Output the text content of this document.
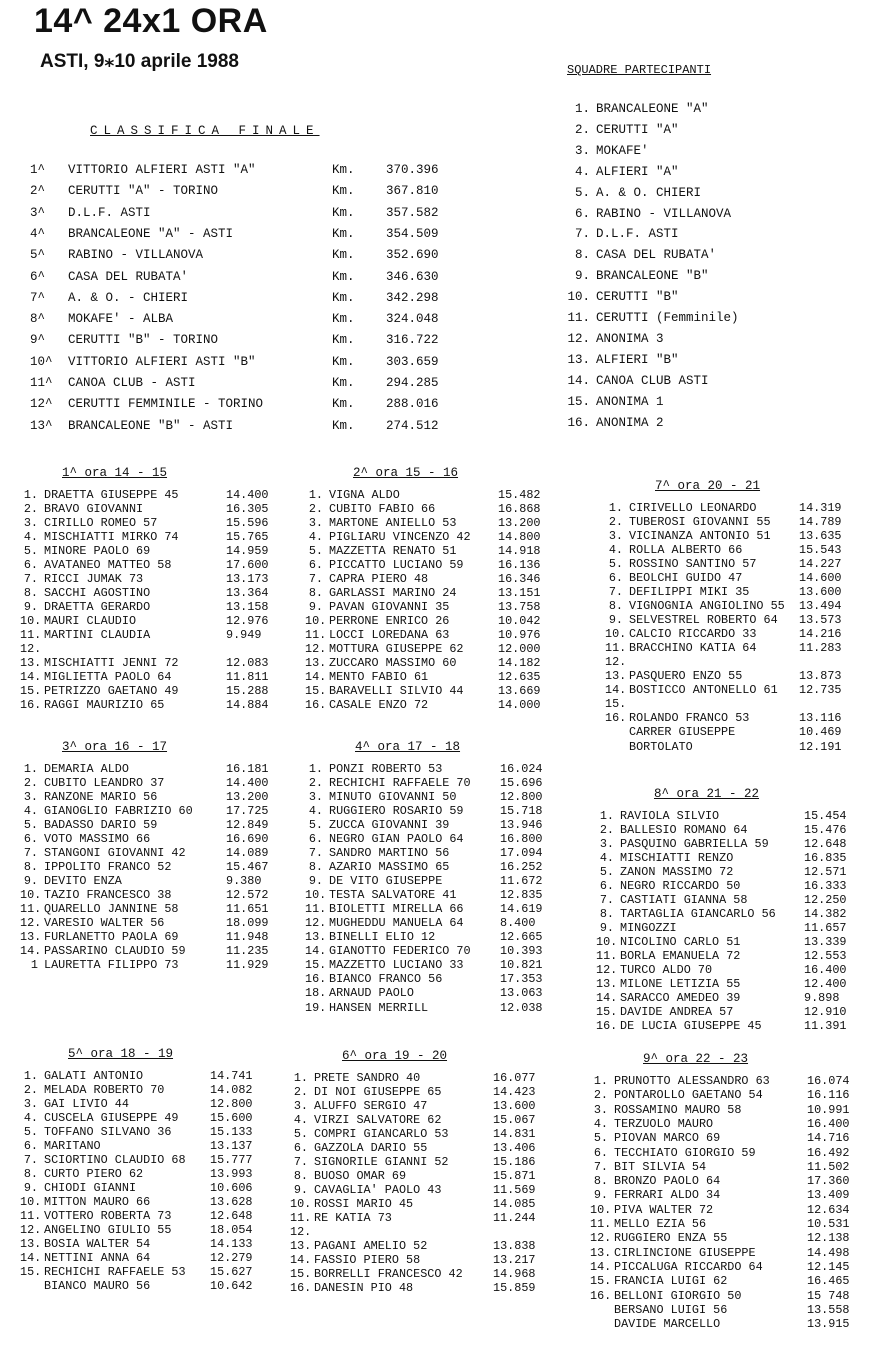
14^ 24x1 ORA
ASTI, 9⁎10 aprile 1988
CLASSIFICA FINALE
1^ VITTORIO ALFIERI ASTI "A"	Km.	370.396
2^ CERUTTI "A" - TORINO	Km.	367.810
3^ D.L.F. ASTI	Km.	357.582
4^ BRANCALEONE "A" - ASTI	Km.	354.509
5^ RABINO - VILLANOVA	Km.	352.690
6^ CASA DEL RUBATA'	Km.	346.630
7^ A. & O. - CHIERI	Km.	342.298
8^ MOKAFE' - ALBA	Km.	324.048
9^ CERUTTI "B" - TORINO	Km.	316.722
10^ VITTORIO ALFIERI ASTI "B"	Km.	303.659
11^ CANOA CLUB - ASTI	Km.	294.285
12^ CERUTTI FEMMINILE - TORINO	Km.	288.016
13^ BRANCALEONE "B" - ASTI	Km.	274.512
SQUADRE PARTECIPANTI
1. BRANCALEONE "A"
2. CERUTTI "A"
3. MOKAFE'
4. ALFIERI "A"
5. A. & O. CHIERI
6. RABINO - VILLANOVA
7. D.L.F. ASTI
8. CASA DEL RUBATA'
9. BRANCALEONE "B"
10. CERUTTI "B"
11. CERUTTI (Femminile)
12. ANONIMA 3
13. ALFIERI "B"
14. CANOA CLUB ASTI
15. ANONIMA 1
16. ANONIMA 2
1^ ora 14 - 15
1. DRAETTA GIUSEPPE 45	14.400
2. BRAVO GIOVANNI	16.305
3. CIRILLO ROMEO 57	15.596
4. MISCHIATTI MIRKO 74	15.765
5. MINORE PAOLO 69	14.959
6. AVATANEO MATTEO 58	17.600
7. RICCI JUMAK 73	13.173
8. SACCHI AGOSTINO	13.364
9. DRAETTA GERARDO	13.158
10. MAURI CLAUDIO	12.976
11. MARTINI CLAUDIA	9.949
12.
13. MISCHIATTI JENNI 72	12.083
14. MIGLIETTA PAOLO 64	11.811
15. PETRIZZO GAETANO 49	15.288
16. RAGGI MAURIZIO 65	14.884
2^ ora 15 - 16
1. VIGNA ALDO	15.482
2. CUBITO FABIO 66	16.868
3. MARTONE ANIELLO 53	13.200
4. PIGLIARU VINCENZO 42 14.800
5. MAZZETTA RENATO 51	14.918
6. PICCATTO LUCIANO 59	16.136
7. CAPRA PIERO 48	16.346
8. GARLASSI MARINO 24	13.151
9. PAVAN GIOVANNI 35	13.758
10. PERRONE ENRICO 26	10.042
11. LOCCI LOREDANA 63	10.976
12. MOTTURA GIUSEPPE 62	12.000
13. ZUCCARO MASSIMO 60	14.182
14. MENTO FABIO 61	12.635
15. BARAVELLI SILVIO 44	13.669
16. CASALE ENZO 72	14.000
3^ ora 16 - 17
1. DEMARIA ALDO	16.181
2. CUBITO LEANDRO 37	14.400
3. RANZONE MARIO 56	13.200
4. GIANOGLIO FABRIZIO 60	17.725
5. BADASSO DARIO 59	12.849
6. VOTO MASSIMO 66	16.690
7. STANGONI GIOVANNI 42	14.089
8. IPPOLITO FRANCO 52	15.467
9. DEVITO ENZA	9.380
10. TAZIO FRANCESCO 38	12.572
11. QUARELLO JANNINE 58	11.651
12. VARESIO WALTER 56	18.099
13. FURLANETTO PAOLA 69	11.948
14. PASSARINO CLAUDIO 59	11.235
1 LAURETTA FILIPPO 73	11.929
4^ ora 17 - 18
1. PONZI ROBERTO 53	16.024
2. RECHICHI RAFFAELE 70 15.696
3. MINUTO GIOVANNI 50	12.800
4. RUGGIERO ROSARIO 59	15.718
5. ZUCCA GIOVANNI 39	13.946
6. NEGRO GIAN PAOLO 64	16.800
7. SANDRO MARTINO 56	17.094
8. AZARIO MASSIMO 65	16.252
9. DE VITO GIUSEPPE	11.672
10. TESTA SALVATORE 41	12.835
11. BIOLETTI MIRELLA 66	14.619
12. MUGHEDDU MANUELA 64	8.400
13. BINELLI ELIO 12	12.665
14. GIANOTTO FEDERICO 70 10.393
15. MAZZETTO LUCIANO 33	10.821
16. BIANCO FRANCO 56	17.353
18. ARNAUD PAOLO	13.063
19. HANSEN MERRILL	12.038
5^ ora 18 - 19
1. GALATI ANTONIO	14.741
2. MELADA ROBERTO 70	14.082
3. GAI LIVIO 44	12.800
4. CUSCELA GIUSEPPE 49	15.600
5. TOFFANO SILVANO 36	15.133
6. MARITANO	13.137
7. SCIORTINO CLAUDIO 68 15.777
8. CURTO PIERO 62	13.993
9. CHIODI GIANNI	10.606
10. MITTON MAURO 66	13.628
11. VOTTERO ROBERTA 73	12.648
12. ANGELINO GIULIO 55	18.054
13. BOSIA WALTER 54	14.133
14. NETTINI ANNA 64	12.279
15. RECHICHI RAFFAELE 53 15.627
BIANCO MAURO 56	10.642
6^ ora 19 - 20
1. PRETE SANDRO 40	16.077
2. DI NOI GIUSEPPE 65	14.423
3. ALUFFO SERGIO 47	13.600
4. VIRZI SALVATORE 62	15.067
5. COMPRI GIANCARLO 53	14.831
6. GAZZOLA DARIO 55	13.406
7. SIGNORILE GIANNI 52	15.186
8. BUOSO OMAR 69	15.871
9. CAVAGLIA' PAOLO 43	11.569
10. ROSSI MARIO 45	14.085
11. RE KATIA 73	11.244
12.
13. PAGANI AMELIO 52	13.838
14. FASSIO PIERO 58	13.217
15. BORRELLI FRANCESCO 42	14.968
16. DANESIN PIO 48	15.859
7^ ora 20 - 21
1. CIRIVELLO LEONARDO	14.319
2. TUBEROSI GIOVANNI 55 14.789
3. VICINANZA ANTONIO 51 13.635
4. ROLLA ALBERTO 66	15.543
5. ROSSINO SANTINO 57	14.227
6. BEOLCHI GUIDO 47	14.600
7. DEFILIPPI MIKI 35	13.600
8. VIGNOGNIA ANGIOLINO 55 13.494
9. SELVESTREL ROBERTO 64 13.573
10. CALCIO RICCARDO 33	14.216
11. BRACCHINO KATIA 64	11.283
12.
13. PASQUERO ENZO 55	13.873
14. BOSTICCO ANTONELLO 61 12.735
15.
16. ROLANDO FRANCO 53	13.116
CARRER GIUSEPPE	10.469
BORTOLATO	12.191
8^ ora 21 - 22
1. RAVIOLA SILVIO	15.454
2. BALLESIO ROMANO 64	15.476
3. PASQUINO GABRIELLA 59	12.648
4. MISCHIATTI RENZO	16.835
5. ZANON MASSIMO 72	12.571
6. NEGRO RICCARDO 50	16.333
7. CASTIATI GIANNA 58	12.250
8. TARTAGLIA GIANCARLO 56 14.382
9. MINGOZZI	11.657
10. NICOLINO CARLO 51	13.339
11. BORLA EMANUELA 72	12.553
12. TURCO ALDO 70	16.400
13. MILONE LETIZIA 55	12.400
14. SARACCO AMEDEO 39	9.898
15. DAVIDE ANDREA 57	12.910
16. DE LUCIA GIUSEPPE 45	11.391
9^ ora 22 - 23
1. PRUNOTTO ALESSANDRO 63	16.074
2. PONTAROLLO GAETANO 54	16.116
3. ROSSAMINO MAURO 58	10.991
4. TERZUOLO MAURO	16.400
5. PIOVAN MARCO 69	14.716
6. TECCHIATO GIORGIO 59	16.492
7. BIT SILVIA 54	11.502
8. BRONZO PAOLO 64	17.360
9. FERRARI ALDO 34	13.409
10. PIVA WALTER 72	12.634
11. MELLO EZIA 56	10.531
12. RUGGIERO ENZA 55	12.138
13. CIRLINCIONE GIUSEPPE	14.498
14. PICCALUGA RICCARDO 64	12.145
15. FRANCIA LUIGI 62	16.465
16. BELLONI GIORGIO 50	15 748
BERSANO LUIGI 56	13.558
DAVIDE MARCELLO	13.915
